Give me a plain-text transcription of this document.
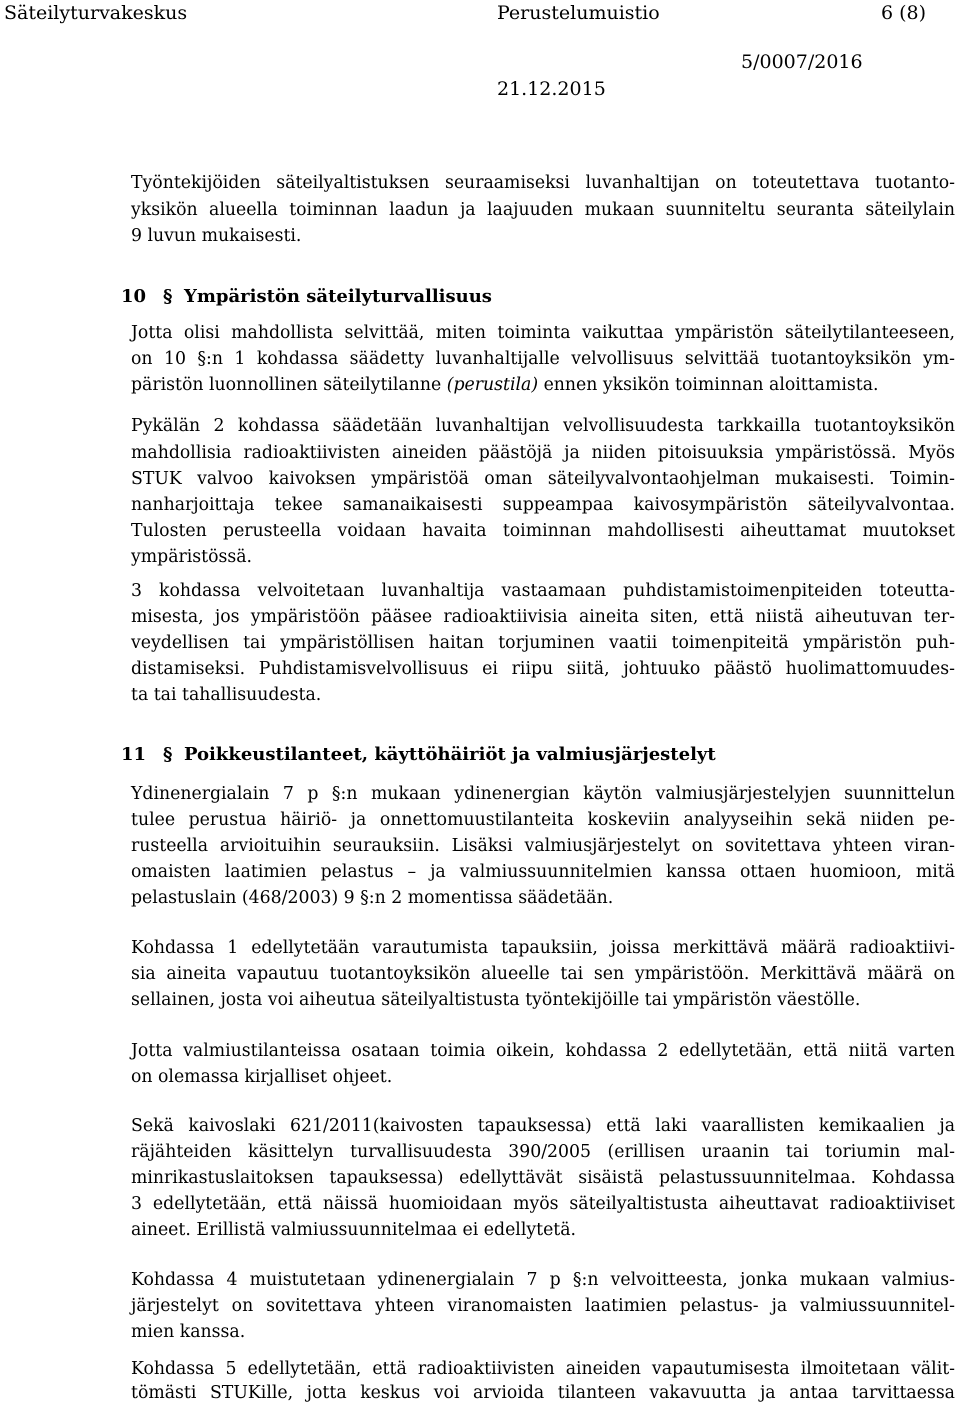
Säteilyturvakeskus	Perustelumuistio	6 (8)
5/0007/2016
21.12.2015
Työntekijöiden säteilyaltistuksen seuraamiseksi luvanhaltijan on toteutettava tuotanto-
yksikön alueella toiminnan laadun ja laajuuden mukaan suunniteltu seuranta säteilylain
9 luvun mukaisesti.
10 § Ympäristön säteilyturvallisuus
Jotta olisi mahdollista selvittää, miten toiminta vaikuttaa ympäristön säteilytilanteeseen,
on 10 §:n 1 kohdassa säädetty luvanhaltijalle velvollisuus selvittää tuotantoyksikön ym-
päristön luonnollinen säteilytilanne (perustila) ennen yksikön toiminnan aloittamista.
Pykälän 2 kohdassa säädetään luvanhaltijan velvollisuudesta tarkkailla tuotantoyksikön
mahdollisia radioaktiivisten aineiden päästöjä ja niiden pitoisuuksia ympäristössä. Myös
STUK valvoo kaivoksen ympäristöä oman säteilyvalvontaohjelman mukaisesti. Toimin-
nanharjoittaja tekee samanaikaisesti suppeampaa kaivosympäristön säteilyvalvontaa.
Tulosten perusteella voidaan havaita toiminnan mahdollisesti aiheuttamat muutokset
ympäristössä.
3 kohdassa velvoitetaan luvanhaltija vastaamaan puhdistamistoimenpiteiden toteutta-
misesta, jos ympäristöön pääsee radioaktiivisia aineita siten, että niistä aiheutuvan ter-
veydellisen tai ympäristöllisen haitan torjuminen vaatii toimenpiteitä ympäristön puh-
distamiseksi. Puhdistamisvelvollisuus ei riipu siitä, johtuuko päästö huolimattomuudes-
ta tai tahallisuudesta.
11 § Poikkeustilanteet, käyttöhäiriöt ja valmiusjärjestelyt
Ydinenergialain 7 p §:n mukaan ydinenergian käytön valmiusjärjestelyjen suunnittelun
tulee perustua häiriö- ja onnettomuustilanteita koskeviin analyyseihin sekä niiden pe-
rusteella arvioituihin seurauksiin. Lisäksi valmiusjärjestelyt on sovitettava yhteen viran-
omaisten laatimien pelastus – ja valmiussuunnitelmien kanssa ottaen huomioon, mitä
pelastuslain (468/2003) 9 §:n 2 momentissa säädetään.
Kohdassa 1 edellytetään varautumista tapauksiin, joissa merkittävä määrä radioaktiivi-
sia aineita vapautuu tuotantoyksikön alueelle tai sen ympäristöön. Merkittävä määrä on
sellainen, josta voi aiheutua säteilyaltistusta työntekijöille tai ympäristön väestölle.
Jotta valmiustilanteissa osataan toimia oikein, kohdassa 2 edellytetään, että niitä varten
on olemassa kirjalliset ohjeet.
Sekä kaivoslaki 621/2011(kaivosten tapauksessa) että laki vaarallisten kemikaalien ja
räjähteiden käsittelyn turvallisuudesta 390/2005 (erillisen uraanin tai toriumin mal-
minrikastuslaitoksen tapauksessa) edellyttävät sisäistä pelastussuunnitelmaa. Kohdassa
3 edellytetään, että näissä huomioidaan myös säteilyaltistusta aiheuttavat radioaktiiviset
aineet. Erillistä valmiussuunnitelmaa ei edellytetä.
Kohdassa 4 muistutetaan ydinenergialain 7 p §:n velvoitteesta, jonka mukaan valmius-
järjestelyt on sovitettava yhteen viranomaisten laatimien pelastus- ja valmiussuunnitel-
mien kanssa.
Kohdassa 5 edellytetään, että radioaktiivisten aineiden vapautumisesta ilmoitetaan välit-
tömästi STUKille, jotta keskus voi arvioida tilanteen vakavuutta ja antaa tarvittaessa
